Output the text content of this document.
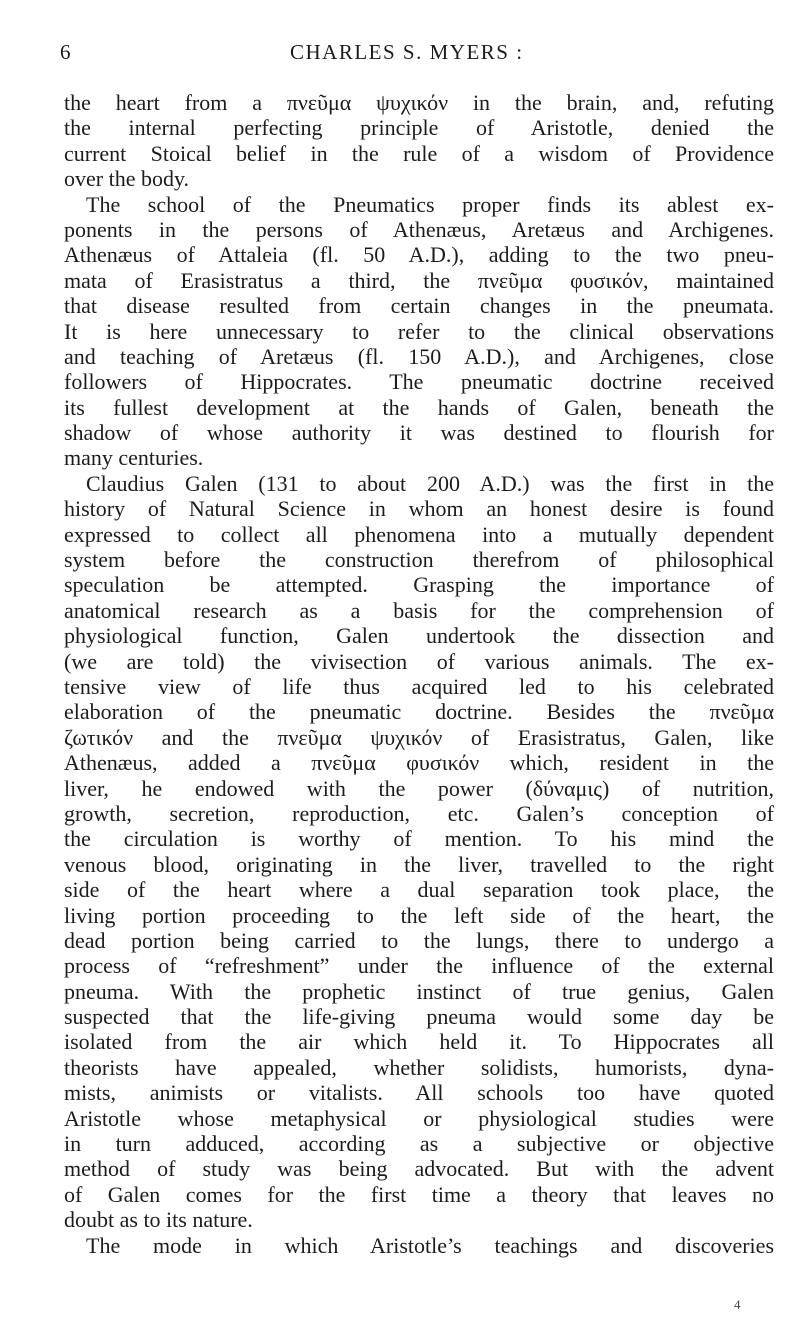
6	CHARLES S. MYERS :
the heart from a πνεῦμα ψυχικόν in the brain, and, refuting
the internal perfecting principle of Aristotle, denied the
current Stoical belief in the rule of a wisdom of Providence
over the body.
The school of the Pneumatics proper finds its ablest ex-
ponents in the persons of Athenæus, Aretæus and Archigenes.
Athenæus of Attaleia (fl. 50 A.D.), adding to the two pneu-
mata of Erasistratus a third, the πνεῦμα φυσικόν, maintained
that disease resulted from certain changes in the pneumata.
It is here unnecessary to refer to the clinical observations
and teaching of Aretæus (fl. 150 A.D.), and Archigenes, close
followers of Hippocrates. The pneumatic doctrine received
its fullest development at the hands of Galen, beneath the
shadow of whose authority it was destined to flourish for
many centuries.
Claudius Galen (131 to about 200 A.D.) was the first in the
history of Natural Science in whom an honest desire is found
expressed to collect all phenomena into a mutually dependent
system before the construction therefrom of philosophical
speculation be attempted. Grasping the importance of
anatomical research as a basis for the comprehension of
physiological function, Galen undertook the dissection and
(we are told) the vivisection of various animals. The ex-
tensive view of life thus acquired led to his celebrated
elaboration of the pneumatic doctrine. Besides the πνεῦμα
ζωτικόν and the πνεῦμα ψυχικόν of Erasistratus, Galen, like
Athenæus, added a πνεῦμα φυσικόν which, resident in the
liver, he endowed with the power (δύναμις) of nutrition,
growth, secretion, reproduction, etc. Galen’s conception of
the circulation is worthy of mention. To his mind the
venous blood, originating in the liver, travelled to the right
side of the heart where a dual separation took place, the
living portion proceeding to the left side of the heart, the
dead portion being carried to the lungs, there to undergo a
process of “refreshment” under the influence of the external
pneuma. With the prophetic instinct of true genius, Galen
suspected that the life-giving pneuma would some day be
isolated from the air which held it. To Hippocrates all
theorists have appealed, whether solidists, humorists, dyna-
mists, animists or vitalists. All schools too have quoted
Aristotle whose metaphysical or physiological studies were
in turn adduced, according as a subjective or objective
method of study was being advocated. But with the advent
of Galen comes for the first time a theory that leaves no
doubt as to its nature.
The mode in which Aristotle’s teachings and discoveries
4
